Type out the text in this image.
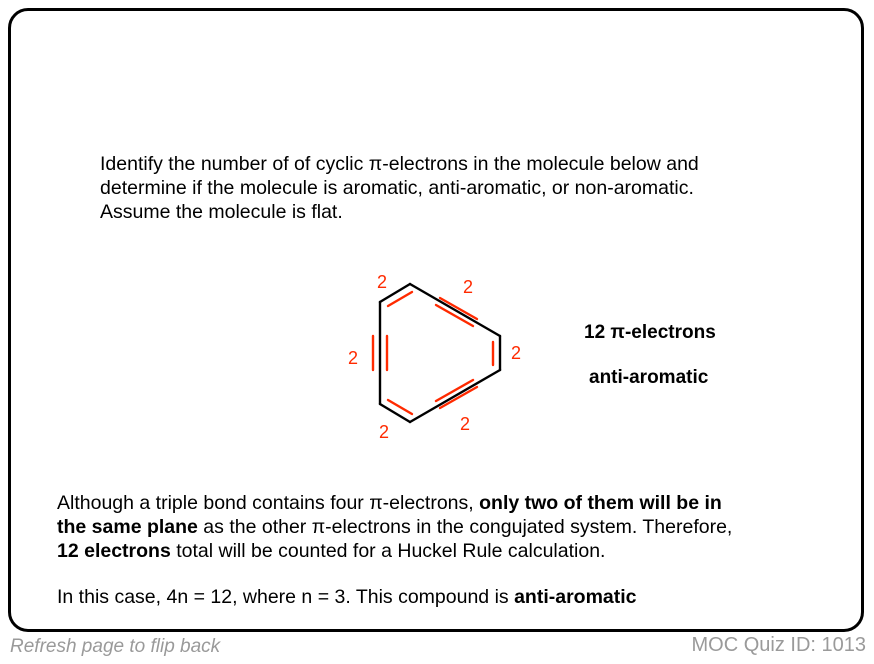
Identify the number of of cyclic π-electrons in the molecule below and
determine if the molecule is aromatic, anti-aromatic, or non-aromatic.
Assume the molecule is flat.
2	2
2
2
2
2
12 π-electrons
anti-aromatic
Although a triple bond contains four π-electrons, only two of them will be in
the same plane as the other π-electrons in the congujated system. Therefore,
12 electrons total will be counted for a Huckel Rule calculation.
In this case, 4n = 12, where n = 3. This compound is anti-aromatic
Refresh page to flip back	MOC Quiz ID: 1013
